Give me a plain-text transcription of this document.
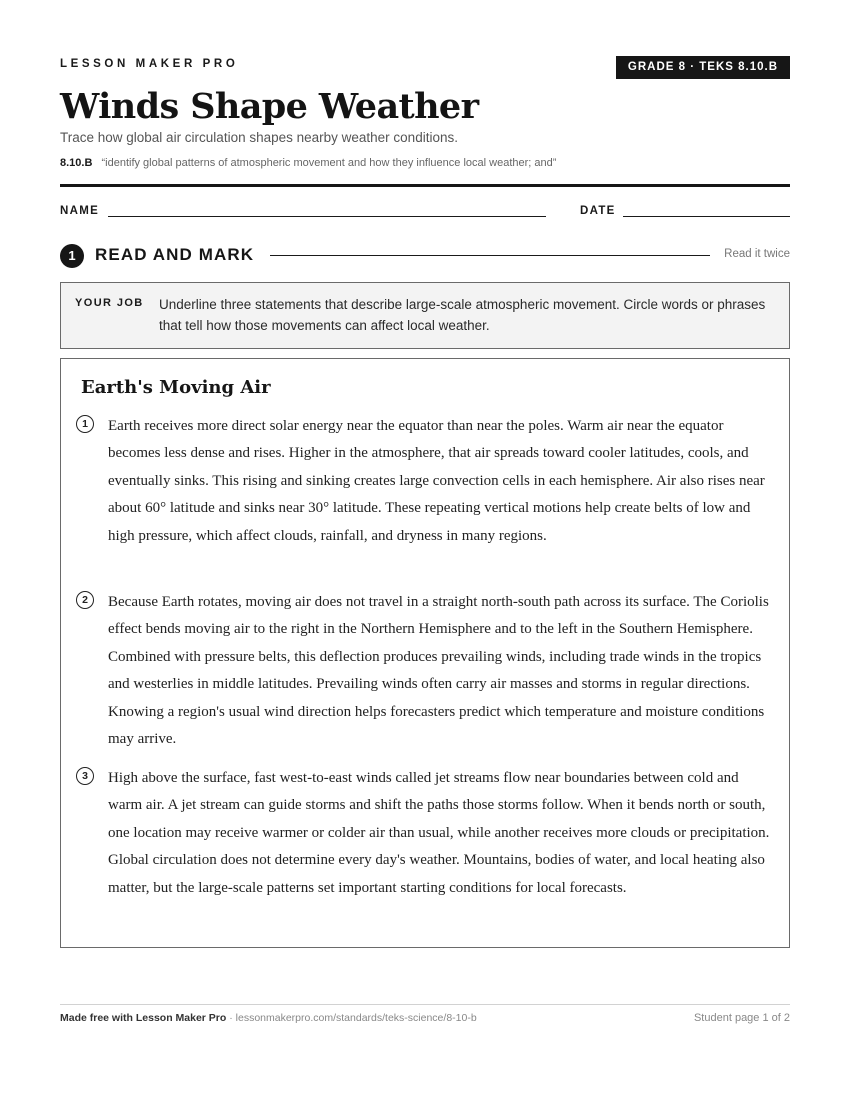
LESSON MAKER PRO	GRADE 8 · TEKS 8.10.B
Winds Shape Weather
Trace how global air circulation shapes nearby weather conditions.
8.10.B “identify global patterns of atmospheric movement and how they influence local weather; and”
NAME	DATE
1	READ AND MARK	Read it twice
YOUR JOB Underline three statements that describe large-scale atmospheric movement. Circle words or phrases that tell how those movements can affect local weather.
Earth's Moving Air
1	Earth receives more direct solar energy near the equator than near the poles. Warm air near the equator becomes less dense and rises. Higher in the atmosphere, that air spreads toward cooler latitudes, cools, and eventually sinks. This rising and sinking creates large convection cells in each hemisphere. Air also rises near about 60° latitude and sinks near 30° latitude. These repeating vertical motions help create belts of low and high pressure, which affect clouds, rainfall, and dryness in many regions.
2	Because Earth rotates, moving air does not travel in a straight north-south path across its surface. The Coriolis effect bends moving air to the right in the Northern Hemisphere and to the left in the Southern Hemisphere. Combined with pressure belts, this deflection produces prevailing winds, including trade winds in the tropics and westerlies in middle latitudes. Prevailing winds often carry air masses and storms in regular directions. Knowing a region's usual wind direction helps forecasters predict which temperature and moisture conditions may arrive.
3	High above the surface, fast west-to-east winds called jet streams flow near boundaries between cold and warm air. A jet stream can guide storms and shift the paths those storms follow. When it bends north or south, one location may receive warmer or colder air than usual, while another receives more clouds or precipitation. Global circulation does not determine every day's weather. Mountains, bodies of water, and local heating also matter, but the large-scale patterns set important starting conditions for local forecasts.
Made free with Lesson Maker Pro · lessonmakerpro.com/standards/teks-science/8-10-b	Student page 1 of 2
